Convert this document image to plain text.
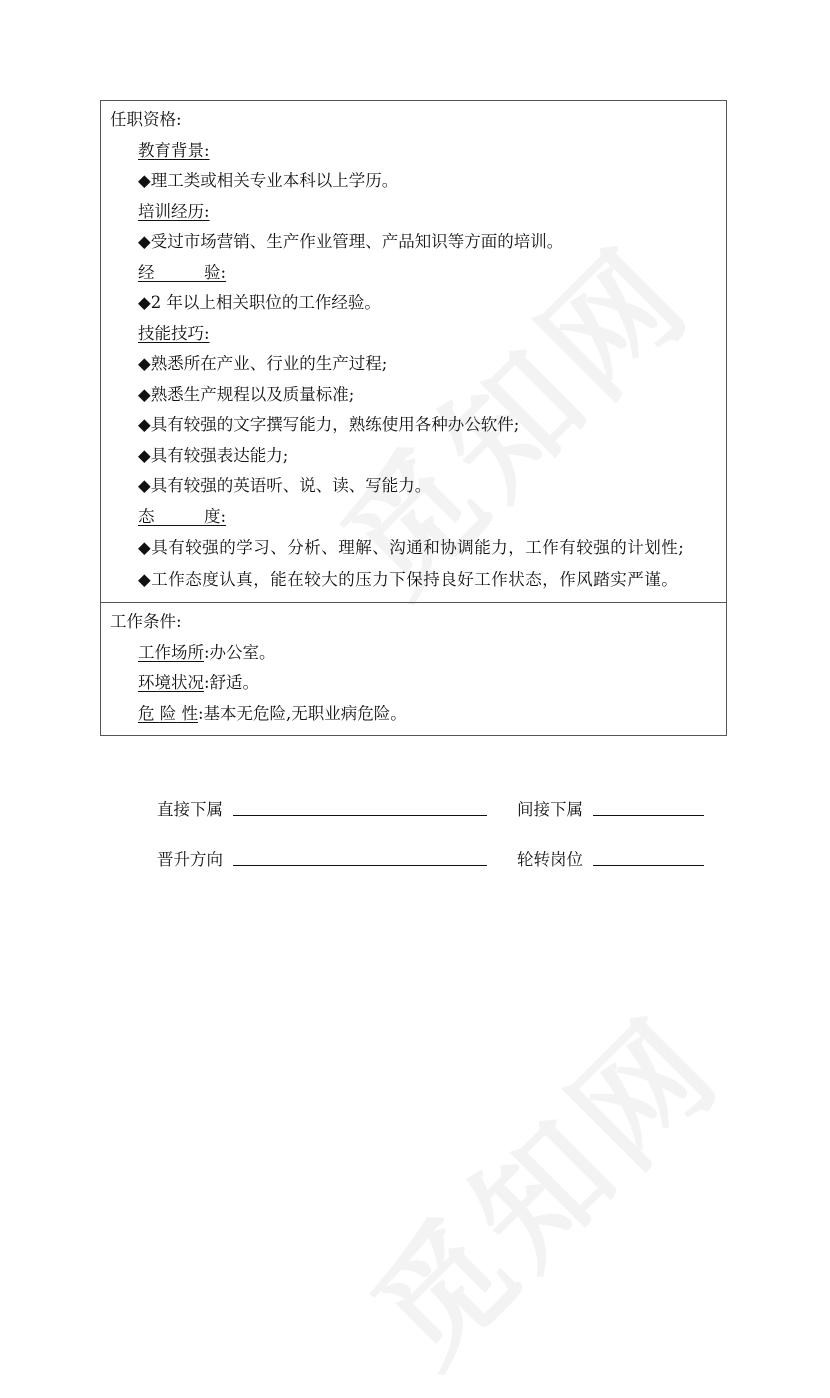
任职资格:
教育背景:
◆理工类或相关专业本科以上学历。
培训经历:
◆受过市场营销、生产作业管理、产品知识等方面的培训。
经　　　	验:
◆2 年以上相关职位的工作经验。
技能技巧:
◆熟悉所在产业、行业的生产过程;
◆熟悉生产规程以及质量标准;
◆具有较强的文字撰写能力，熟练使用各种办公软件;
◆具有较强表达能力;
◆具有较强的英语听、说、读、写能力。
态　　　	度:
◆具有较强的学习、分析、理解、沟通和协调能力，工作有较强的计划性;
◆工作态度认真，能在较大的压力下保持良好工作状态，作风踏实严谨。
工作条件:
工作场所:办公室。
环境状况:舒适。
危 险 性:基本无危险,无职业病危险。
直接下属	间接下属
晋升方向	轮转岗位
